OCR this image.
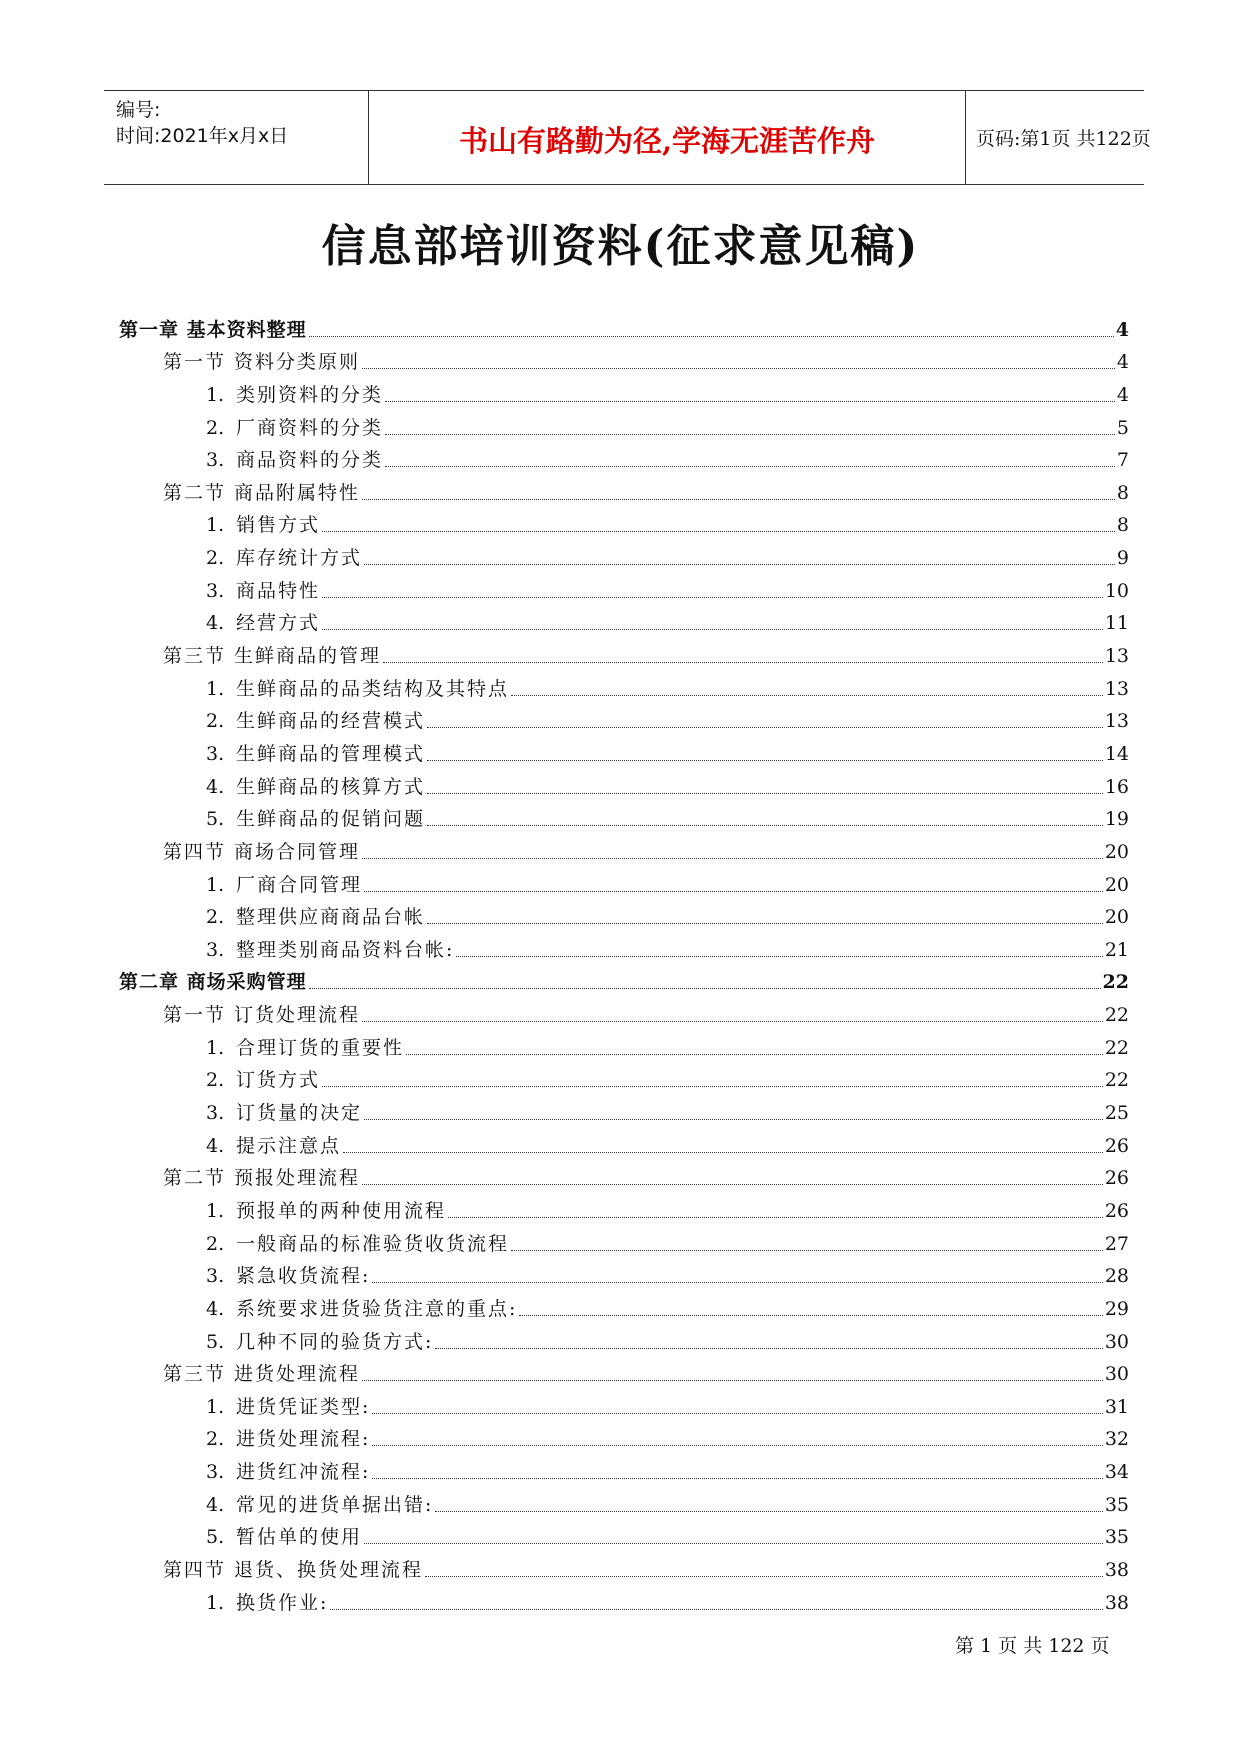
编号:
时间:2021年x月x日	书山有路勤为径,学海无涯苦作舟	页码:第1页 共122页
信息部培训资料(征求意见稿)
第一章 基本资料整理	4
第一节 资料分类原则	4
1. 类别资料的分类	4
2. 厂商资料的分类	5
3. 商品资料的分类	7
第二节 商品附属特性	8
1. 销售方式	8
2. 库存统计方式	9
3. 商品特性	10
4. 经营方式	11
第三节 生鲜商品的管理	13
1. 生鲜商品的品类结构及其特点	13
2. 生鲜商品的经营模式	13
3. 生鲜商品的管理模式	14
4. 生鲜商品的核算方式	16
5. 生鲜商品的促销问题	19
第四节 商场合同管理	20
1. 厂商合同管理	20
2. 整理供应商商品台帐	20
3. 整理类别商品资料台帐:	21
第二章 商场采购管理	22
第一节 订货处理流程	22
1. 合理订货的重要性	22
2. 订货方式	22
3. 订货量的决定	25
4. 提示注意点	26
第二节 预报处理流程	26
1. 预报单的两种使用流程	26
2. 一般商品的标准验货收货流程	27
3. 紧急收货流程:	28
4. 系统要求进货验货注意的重点:	29
5. 几种不同的验货方式:	30
第三节 进货处理流程	30
1. 进货凭证类型:	31
2. 进货处理流程:	32
3. 进货红冲流程:	34
4. 常见的进货单据出错:	35
5. 暂估单的使用	35
第四节 退货、换货处理流程	38
1. 换货作业:	38
第 1 页 共 122 页
